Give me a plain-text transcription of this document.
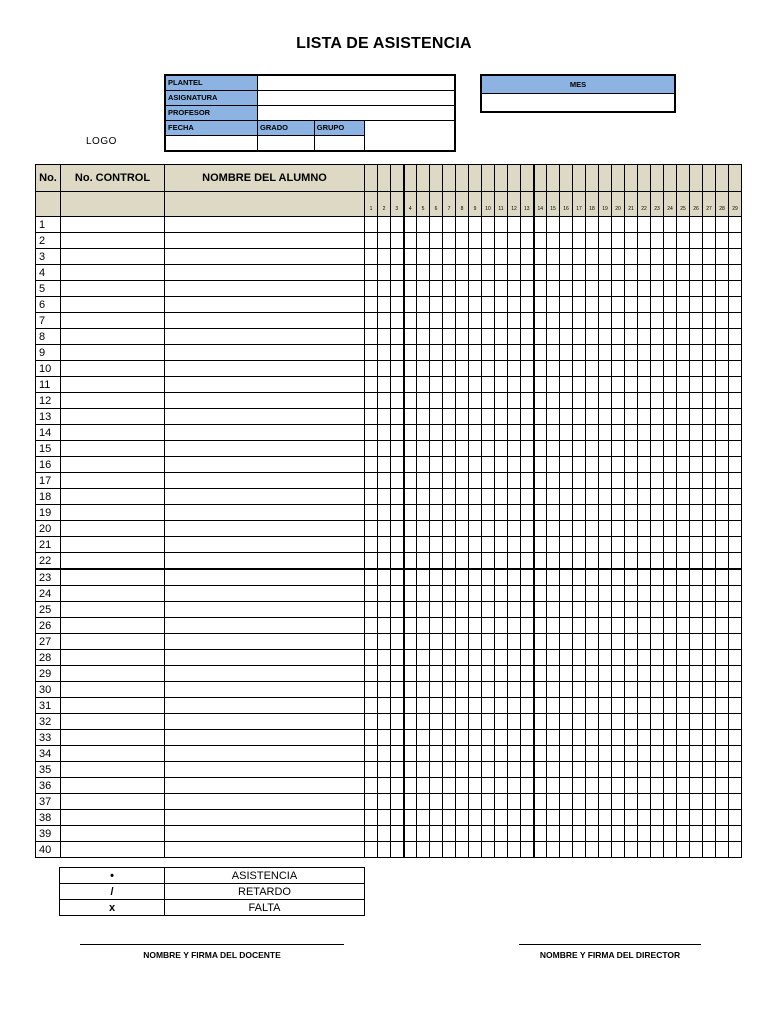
LISTA DE ASISTENCIA
PLANTEL			
ASIGNATURA			
PROFESOR			
FECHA	GRADO	GRUPO	

MES

LOGO
No.	No. CONTROL	NOMBRE DEL ALUMNO																													
			1	2	3	4	5	6	7	8	9	10	11	12	13	14	15	16	17	18	19	20	21	22	23	24	25	26	27	28	29
1																															
2																															
3																															
4																															
5																															
6																															
7																															
8																															
9																															
10																															
11																															
12																															
13																															
14																															
15																															
16																															
17																															
18																															
19																															
20																															
21																															
22																															
23																															
24																															
25																															
26																															
27																															
28																															
29																															
30																															
31																															
32																															
33																															
34																															
35																															
36																															
37																															
38																															
39																															
40																															
•	ASISTENCIA
/	RETARDO
x	FALTA
NOMBRE Y FIRMA DEL DOCENTE	NOMBRE Y FIRMA DEL DIRECTOR
